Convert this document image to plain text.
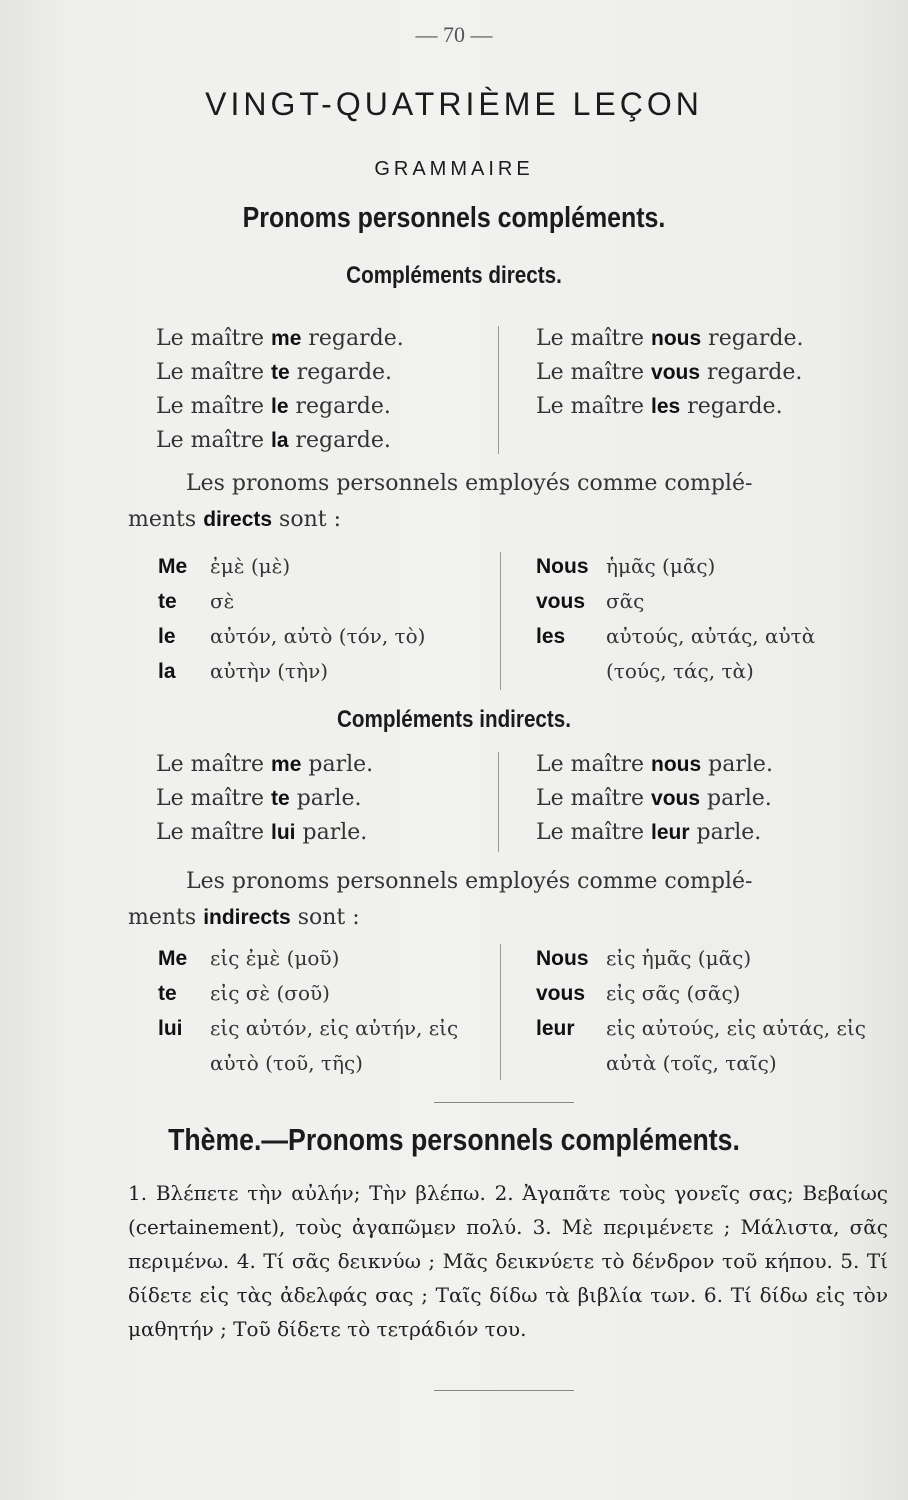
— 70 —
VINGT-QUATRIÈME LEÇON
GRAMMAIRE
Pronoms personnels compléments.
Compléments directs.
Le maître me regarde.
Le maître te regarde.
Le maître le regarde.
Le maître la regarde.
Le maître nous regarde.
Le maître vous regarde.
Le maître les regarde.
Les pronoms personnels employés comme complé-
ments directs sont :
Me ἐμὲ (μὲ)
te σὲ
le αὐτόν, αὐτὸ (τόν, τὸ)
la αὐτὴν (τὴν)
Nous ἡμᾶς (μᾶς)
vous σᾶς
les αὐτούς, αὐτάς, αὐτὰ
(τούς, τάς, τὰ)
Compléments indirects.
Le maître me parle.
Le maître te parle.
Le maître lui parle.
Le maître nous parle.
Le maître vous parle.
Le maître leur parle.
Les pronoms personnels employés comme complé-
ments indirects sont :
Me εἰς ἐμὲ (μοῦ)
te εἰς σὲ (σοῦ)
lui εἰς αὐτόν, εἰς αὐτήν, εἰς
αὐτὸ (τοῦ, τῆς)
Nous εἰς ἡμᾶς (μᾶς)
vous εἰς σᾶς (σᾶς)
leur εἰς αὐτούς, εἰς αὐτάς, εἰς
αὐτὰ (τοῖς, ταῖς)
Thème.—Pronoms personnels compléments.
1. Βλέπετε τὴν αὐλήν; Τὴν βλέπω. 2. Ἀγαπᾶτε τοὺς γονεῖς σας; Βεβαίως (certainement), τοὺς ἀγαπῶμεν πολύ. 3. Μὲ περιμένετε ; Μάλιστα, σᾶς περιμένω. 4. Τί σᾶς δεικνύω ; Μᾶς δεικνύετε τὸ δένδρον τοῦ κήπου. 5. Τί δίδετε εἰς τὰς ἀδελφάς σας ; Ταῖς δίδω τὰ βιβλία των. 6. Τί δίδω εἰς τὸν μαθητήν ; Τοῦ δίδετε τὸ τετράδιόν του.
